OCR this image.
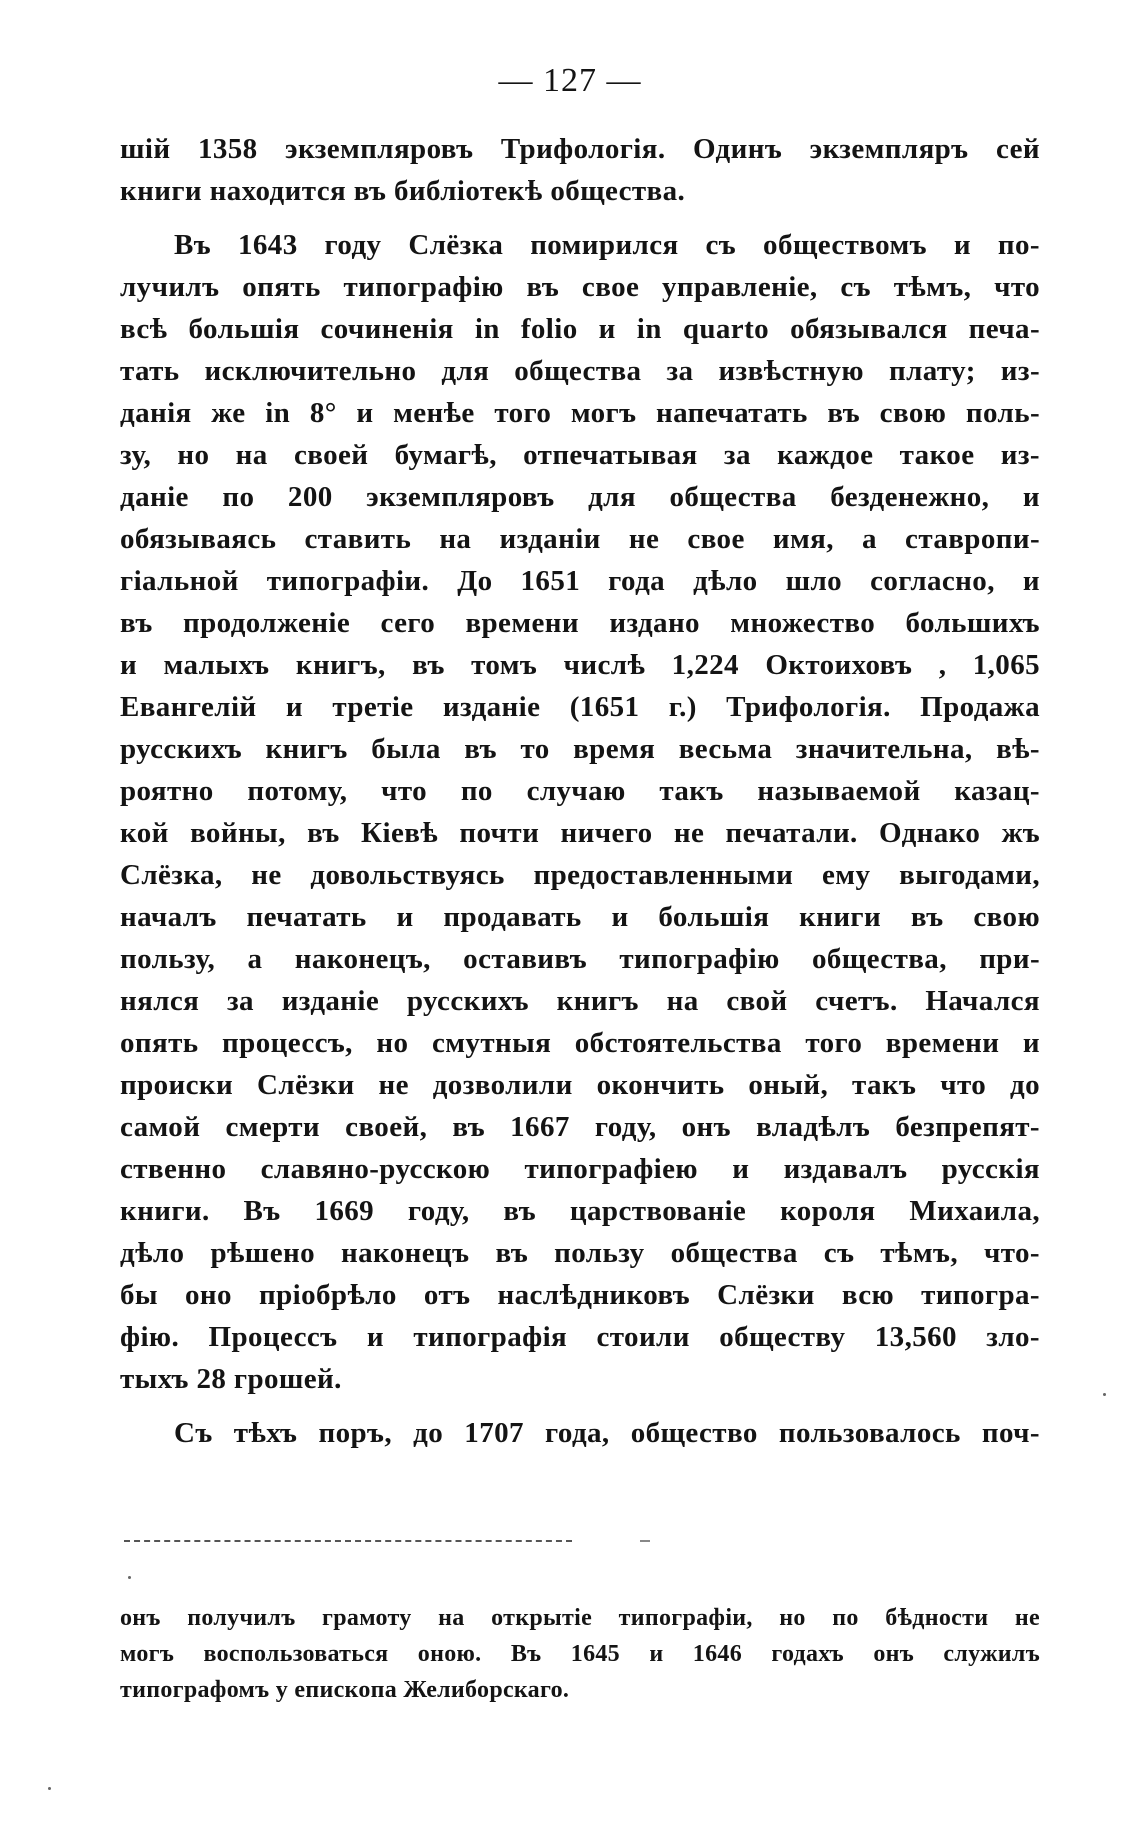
— 127 —
шій 1358 экземпляровъ Трифологія. Одинъ экземпляръ сей
книги находится въ библіотекѣ общества.
Въ 1643 году Слёзка помирился съ обществомъ и по-
лучилъ опять типографію въ свое управленіе, съ тѣмъ, что
всѣ большія сочиненія in folio и in quarto обязывался печа-
тать исключительно для общества за извѣстную плату; из-
данія же in 8° и менѣе того могъ напечатать въ свою поль-
зу, но на своей бумагѣ, отпечатывая за каждое такое из-
даніе по 200 экземпляровъ для общества безденежно, и
обязываясь ставить на изданіи не свое имя, а ставропи-
гіальной типографіи. До 1651 года дѣло шло согласно, и
въ продолженіе сего времени издано множество большихъ
и малыхъ книгъ, въ томъ числѣ 1,224 Октоиховъ , 1,065
Евангелій и третіе изданіе (1651 г.) Трифологія. Продажа
русскихъ книгъ была въ то время весьма значительна, вѣ-
роятно потому, что по случаю такъ называемой казац-
кой войны, въ Кіевѣ почти ничего не печатали. Однако жъ
Слёзка, не довольствуясь предоставленными ему выгодами,
началъ печатать и продавать и большія книги въ свою
пользу, а наконецъ, оставивъ типографію общества, при-
нялся за изданіе русскихъ книгъ на свой счетъ. Начался
опять процессъ, но смутныя обстоятельства того времени и
происки Слёзки не дозволили окончить оный, такъ что до
самой смерти своей, въ 1667 году, онъ владѣлъ безпрепят-
ственно славяно-русскою типографіею и издавалъ русскія
книги. Въ 1669 году, въ царствованіе короля Михаила,
дѣло рѣшено наконецъ въ пользу общества съ тѣмъ, что-
бы оно пріобрѣло отъ наслѣдниковъ Слёзки всю типогра-
фію. Процессъ и типографія стоили обществу 13,560 зло-
тыхъ 28 грошей.
Съ тѣхъ поръ, до 1707 года, общество пользовалось поч-
онъ получилъ грамоту на открытіе типографіи, но по бѣдности не
могъ воспользоваться оною. Въ 1645 и 1646 годахъ онъ служилъ
типографомъ у епископа Желиборскаго.
